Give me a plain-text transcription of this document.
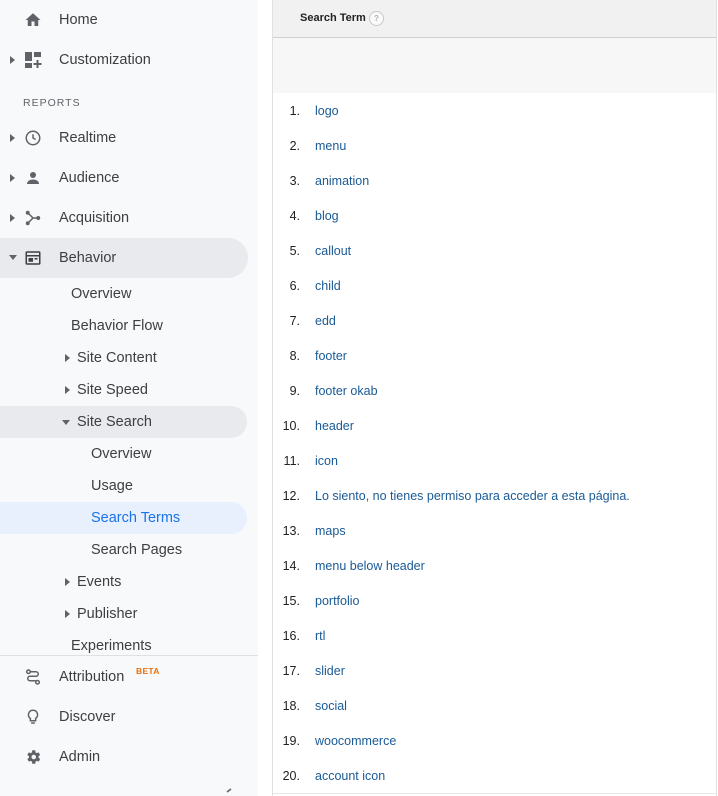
Home
Customization
REPORTS
Realtime
Audience
Acquisition
Behavior
Overview
Behavior Flow
Site Content
Site Speed
Site Search
Overview
Usage
Search Terms
Search Pages
Events
Publisher
Experiments
Attribution BETA
Discover
Admin
Search Term	?
1. logo
2. menu
3. animation
4. blog
5. callout
6. child
7. edd
8. footer
9. footer okab
10. header
11. icon
12. Lo siento, no tienes permiso para acceder a esta página.
13. maps
14. menu below header
15. portfolio
16. rtl
17. slider
18. social
19. woocommerce
20. account icon
